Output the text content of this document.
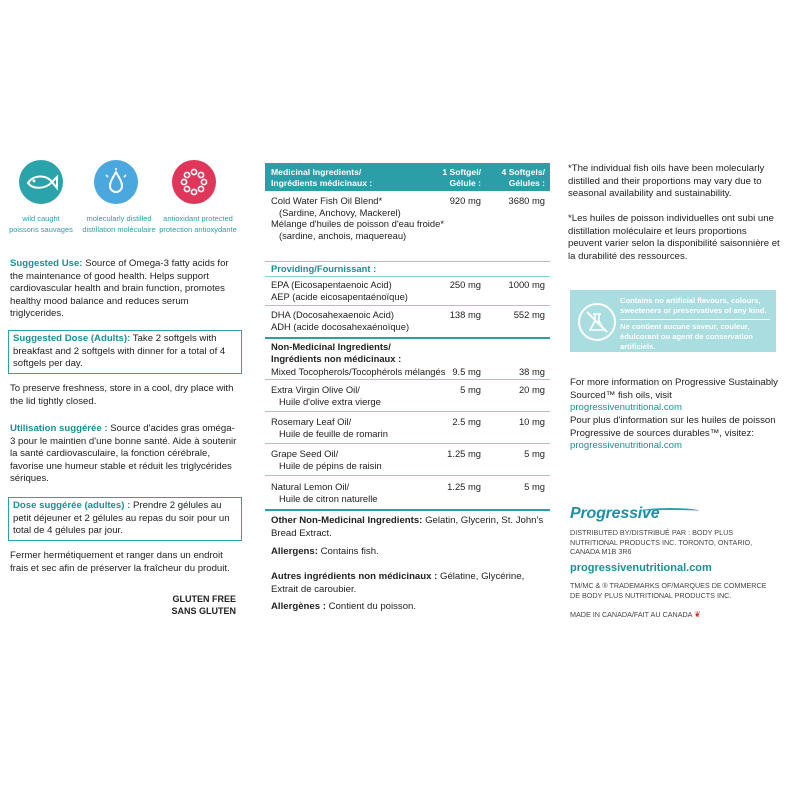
wild caught
poissons sauvages
molecularly distilled
distillation moléculaire
antioxidant protected
protection antioxydante
Suggested Use: Source of Omega-3 fatty acids for the maintenance of good health. Helps support cardiovascular health and brain function, promotes healthy mood balance and reduces serum triglycerides.
Suggested Dose (Adults): Take 2 softgels with breakfast and 2 softgels with dinner for a total of 4 softgels per day.
To preserve freshness, store in a cool, dry place with the lid tightly closed.
Utilisation suggérée : Source d'acides gras oméga-3 pour le maintien d'une bonne santé. Aide à soutenir la santé cardiovasculaire, la fonction cérébrale, favorise une humeur stable et réduit les triglycérides sériques.
Dose suggérée (adultes) : Prendre 2 gélules au petit déjeuner et 2 gélules au repas du soir pour un total de 4 gélules par jour.
Fermer hermétiquement et ranger dans un endroit frais et sec afin de préserver la fraîcheur du produit.
GLUTEN FREE
SANS GLUTEN
Medicinal Ingredients/
Ingrédients médicinaux :
1 Softgel/
Gélule :
4 Softgels/
Gélules :
Cold Water Fish Oil Blend*
(Sardine, Anchovy, Mackerel)
Mélange d'huiles de poisson d'eau froide*
(sardine, anchois, maquereau)
920 mg	3680 mg
Providing/Fournissant :
EPA (Eicosapentaenoic Acid)
AEP (acide eicosapentaénoïque)
250 mg	1000 mg
DHA (Docosahexaenoic Acid)
ADH (acide docosahexaénoïque)
138 mg	552 mg
Non-Medicinal Ingredients/
Ingrédients non médicinaux :
Mixed Tocopherols/Tocophérols mélangés 9.5 mg	38 mg
Extra Virgin Olive Oil/
Huile d'olive extra vierge
5 mg	20 mg
Rosemary Leaf Oil/
Huile de feuille de romarin
2.5 mg	10 mg
Grape Seed Oil/
Huile de pépins de raisin
1.25 mg	5 mg
Natural Lemon Oil/
Huile de citron naturelle
1.25 mg	5 mg
Other Non-Medicinal Ingredients: Gelatin, Glycerin, St. John's Bread Extract.
Allergens: Contains fish.
Autres ingrédients non médicinaux : Gélatine, Glycérine, Extrait de caroubier.
Allergènes : Contient du poisson.
*The individual fish oils have been molecularly distilled and their proportions may vary due to seasonal availability and sustainability.
*Les huiles de poisson individuelles ont subi une distillation moléculaire et leurs proportions peuvent varier selon la disponibilité saisonnière et la durabilité des ressources.
Contains no artificial flavours, colours, sweeteners or preservatives of any kind.
Ne contient aucune saveur, couleur, édulcorant ou agent de conservation artificiels.
For more information on Progressive Sustainably Sourced™ fish oils, visit progressivenutritional.com
Pour plus d'information sur les huiles de poisson Progressive de sources durables™, visitez: progressivenutritional.com
Progressive
DISTRIBUTED BY/DISTRIBUÉ PAR : BODY PLUS NUTRITIONAL PRODUCTS INC. TORONTO, ONTARIO, CANADA M1B 3R6
progressivenutritional.com
TM/MC & ® TRADEMARKS OF/MARQUES DE COMMERCE DE BODY PLUS NUTRITIONAL PRODUCTS INC.
MADE IN CANADA/FAIT AU CANADA ❦
